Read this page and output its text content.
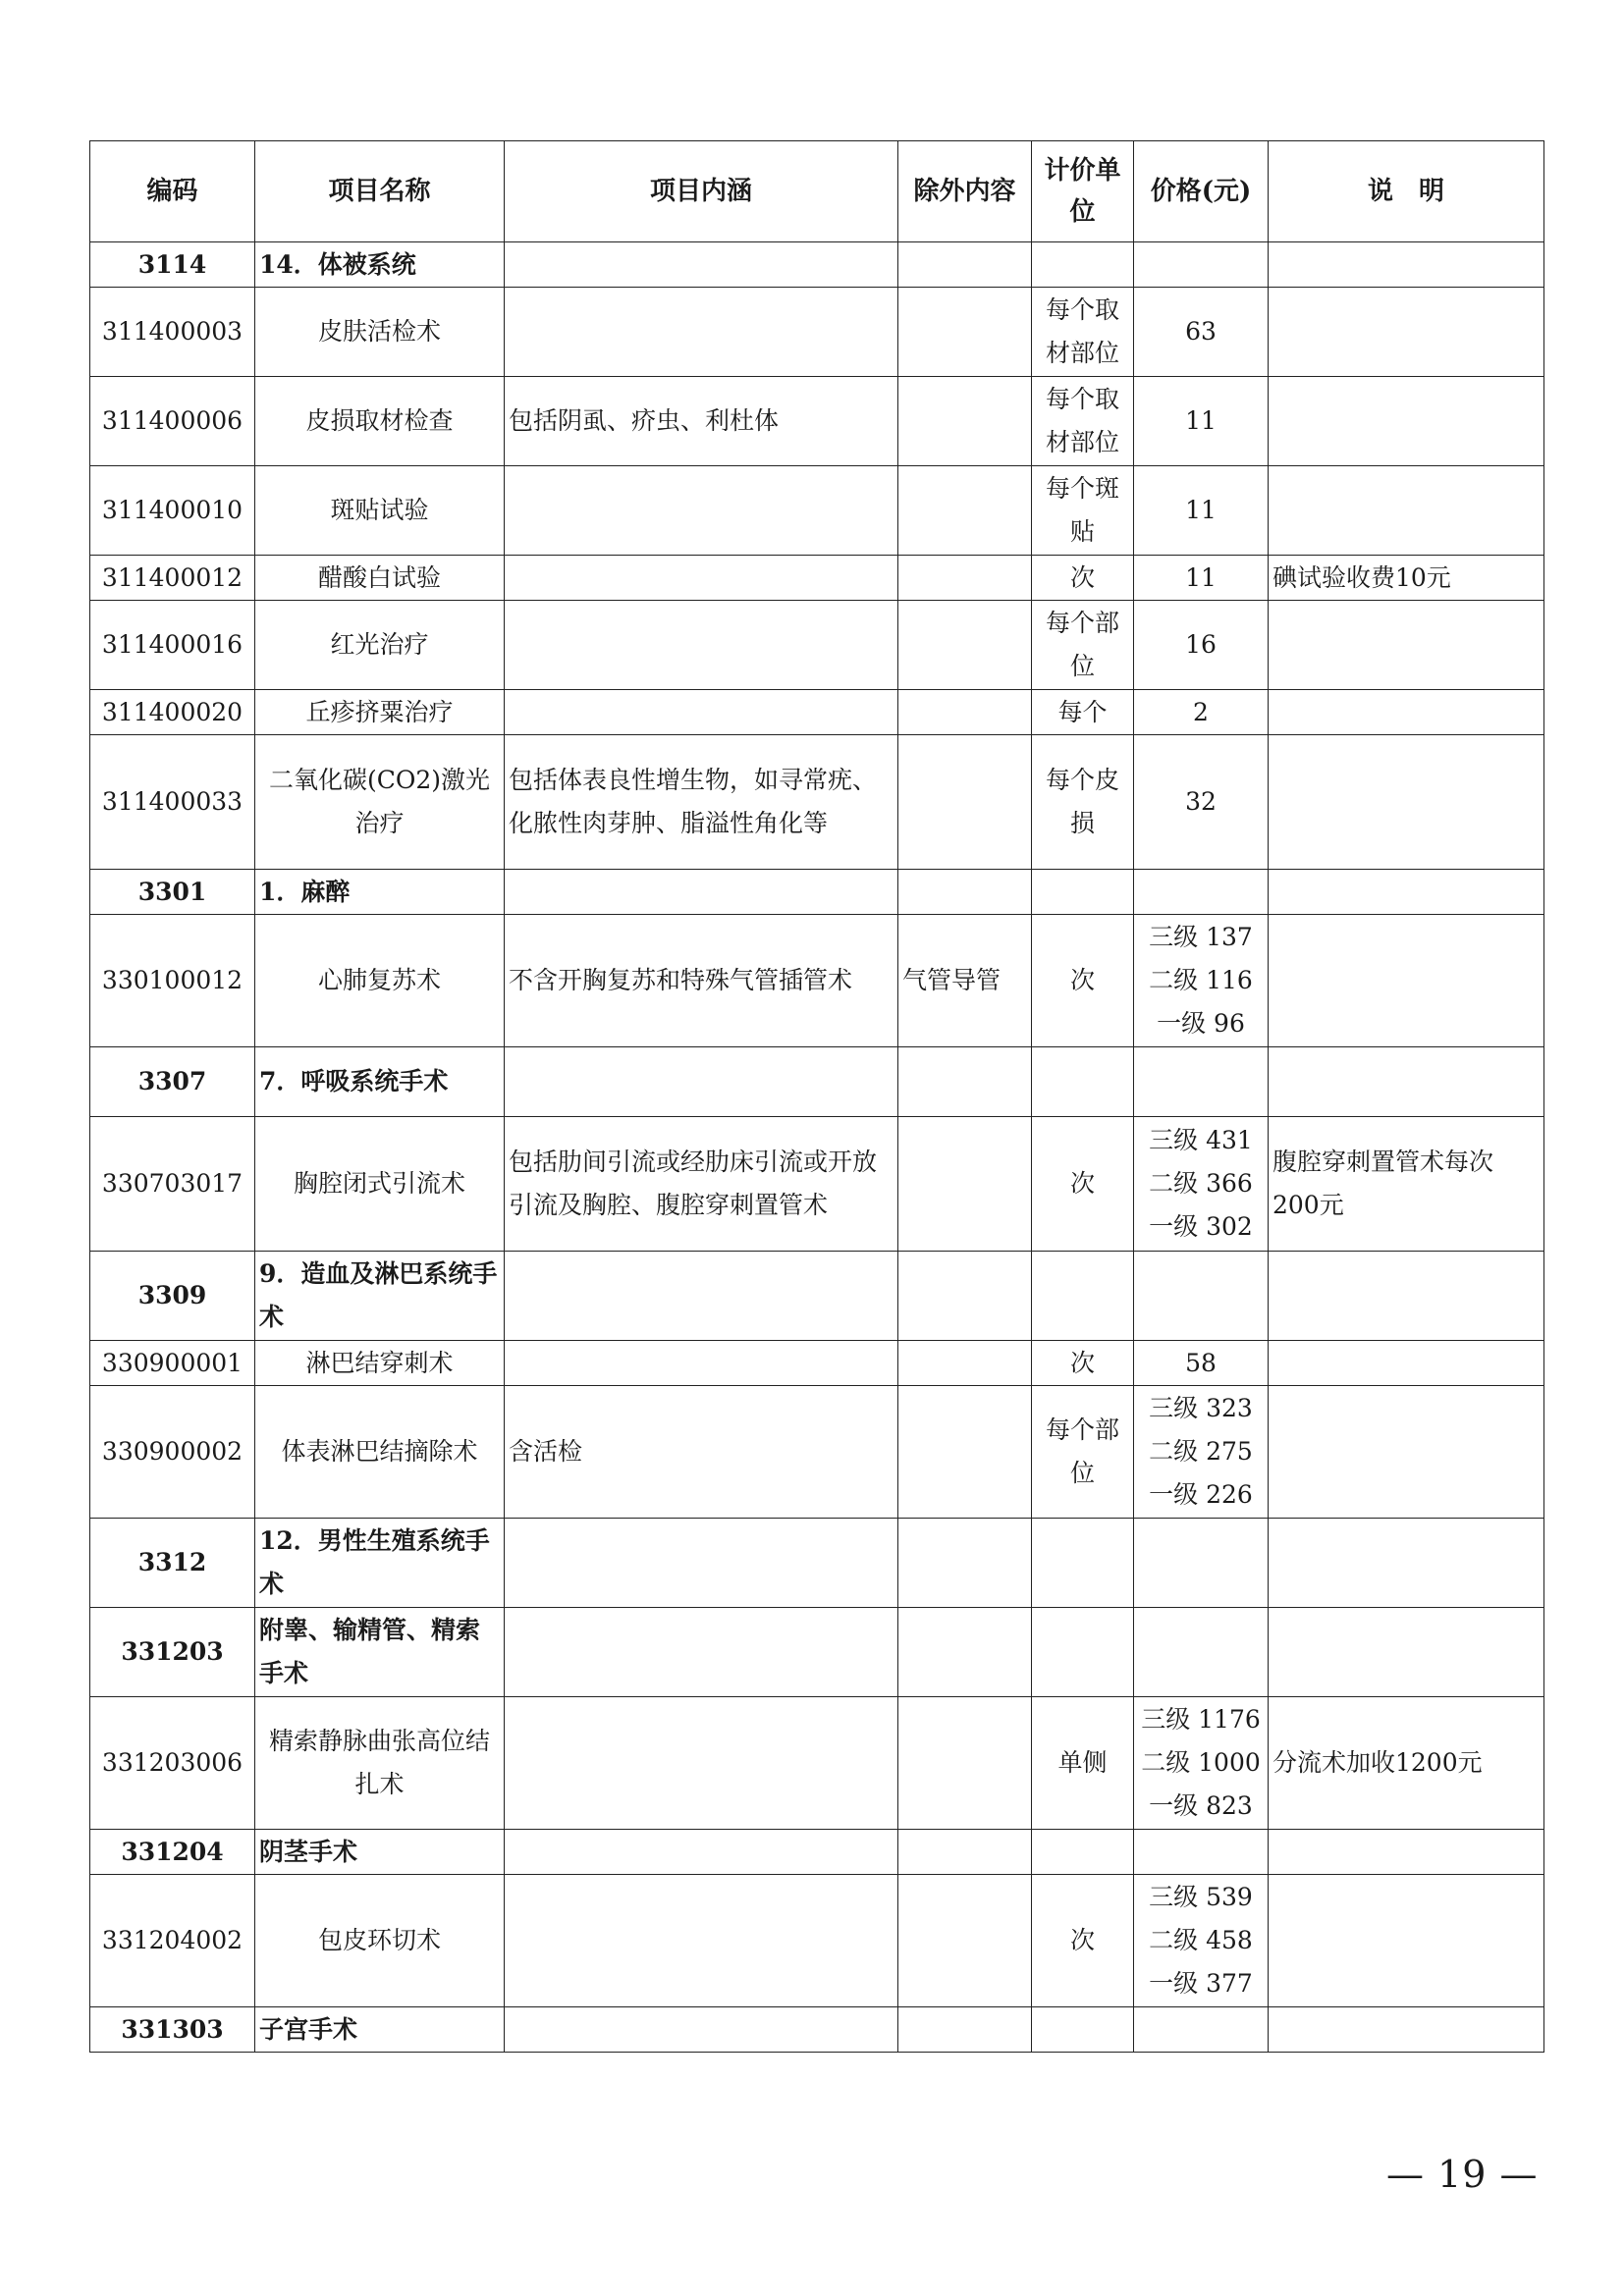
编码	项目名称	项目内涵	除外内容	计价单位	价格(元)	说　明
3114	14．体被系统					
311400003	皮肤活检术			每个取材部位	63	
311400006	皮损取材检查	包括阴虱、疥虫、利杜体		每个取材部位	11	
311400010	斑贴试验			每个斑贴	11	
311400012	醋酸白试验			次	11	碘试验收费10元
311400016	红光治疗			每个部位	16	
311400020	丘疹挤粟治疗			每个	2	
311400033	二氧化碳(CO2)激光治疗	包括体表良性增生物，如寻常疣、化脓性肉芽肿、脂溢性角化等		每个皮损	32	
3301	1．麻醉					
330100012	心肺复苏术	不含开胸复苏和特殊气管插管术	气管导管	次	三级 137
二级 116
一级 96	

3307	7．呼吸系统手术					
330703017	胸腔闭式引流术	包括肋间引流或经肋床引流或开放引流及胸腔、腹腔穿刺置管术		次	三级 431
二级 366
一级 302	腹腔穿刺置管术每次200元
3309	9．造血及淋巴系统手术					
330900001	淋巴结穿刺术			次	58	
330900002	体表淋巴结摘除术	含活检		每个部位	三级 323
二级 275
一级 226	

3312	12．男性生殖系统手术					
331203	附睾、输精管、精索手术					
331203006	精索静脉曲张高位结扎术			单侧	三级 1176
二级 1000
一级 823	分流术加收1200元
331204	阴茎手术					
331204002	包皮环切术			次	三级 539
二级 458
一级 377	

331303	子宫手术					
— 19 —
